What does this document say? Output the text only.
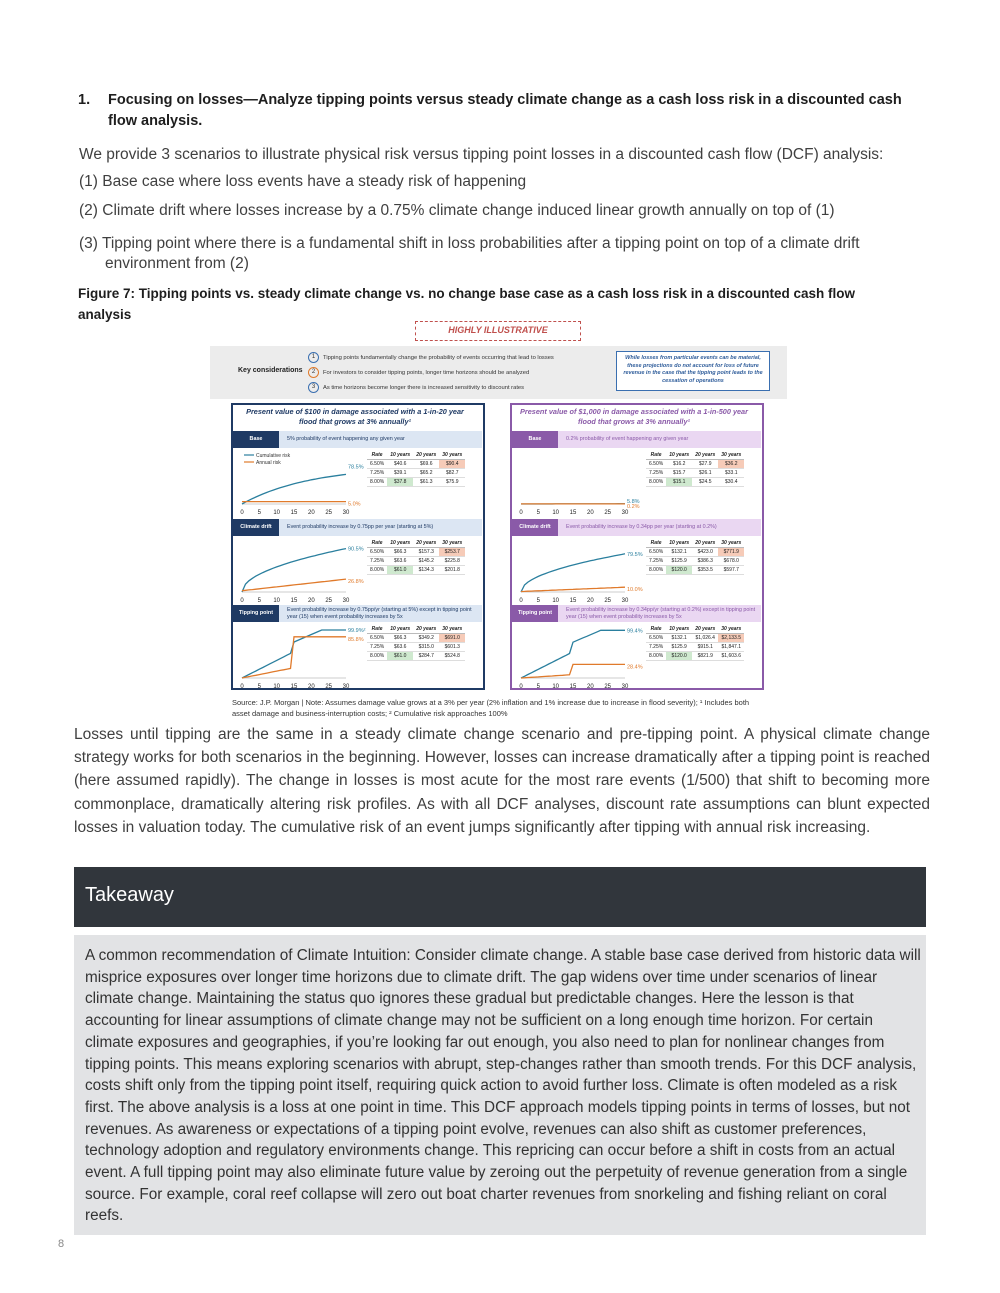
1. Focusing on losses—Analyze tipping points versus steady climate change as a cash loss risk in a discounted cash flow analysis.
We provide 3 scenarios to illustrate physical risk versus tipping point losses in a discounted cash flow (DCF) analysis:
(1) Base case where loss events have a steady risk of happening
(2) Climate drift where losses increase by a 0.75% climate change induced linear growth annually on top of (1)
(3) Tipping point where there is a fundamental shift in loss probabilities after a tipping point on top of a climate drift
environment from (2)
Figure 7: Tipping points vs. steady climate change vs. no change base case as a cash loss risk in a discounted cash flow analysis
HIGHLY ILLUSTRATIVE
Key considerations
1 Tipping points fundamentally change the probability of events occurring that lead to losses
2 For investors to consider tipping points, longer time horizons should be analyzed
3 As time horizons become longer there is increased sensitivity to discount rates
While losses from particular events can be material, these projections do not account for loss of future revenue in the case that the tipping point leads to the cessation of operations
Present value of $100 in damage associated with a 1-in-20 year flood that grows at 3% annually¹
Base	5% probability of event happening any given year
0 5 10 15 20 25 30
78.5%
5.0%
Cumulative risk
Annual risk
Rate	10 years	20 years	30 years
6.50%	$40.6	$69.6	$90.4
7.25%	$39.1	$65.2	$82.7
8.00%	$37.8	$61.3	$75.9
Climate drift	Event probability increase by 0.75pp per year (starting at 5%)
0 5 10 15 20 25 30
90.5%
26.8%
Rate	10 years	20 years	30 years
6.50%	$66.3	$157.3	$253.7
7.25%	$63.6	$145.2	$225.8
8.00%	$61.0	$134.3	$201.8
Tipping point
Event probability increase by 0.75pp/yr (starting at 5%) except in tipping point year (15) when event probability increases by 5x
0 5 10 15 20 25 30
99.9%²
85.8%
Rate	10 years	20 years	30 years
6.50%	$66.3	$349.2	$691.0
7.25%	$63.6	$315.0	$601.3
8.00%	$61.0	$284.7	$524.8
Present value of $1,000 in damage associated with a 1-in-500 year flood that grows at 3% annually¹
Base	0.2% probability of event happening any given year
0 5 10 15 20 25 30
5.8%
0.2%
Rate	10 years	20 years	30 years
6.50%	$16.2	$27.9	$36.2
7.25%	$15.7	$26.1	$33.1
8.00%	$15.1	$24.5	$30.4
Climate drift	Event probability increase by 0.34pp per year (starting at 0.2%)
0 5 10 15 20 25 30
79.5%
10.0%
Rate	10 years	20 years	30 years
6.50%	$132.1	$423.0	$771.9
7.25%	$125.9	$386.3	$678.0
8.00%	$120.0	$353.5	$597.7
Tipping point
Event probability increase by 0.34pp/yr (starting at 0.2%) except in tipping point year (15) when event probability increases by 5x
0 5 10 15 20 25 30
99.4%
28.4%
Rate	10 years	20 years	30 years
6.50%	$132.1	$1,026.4	$2,133.5
7.25%	$125.9	$915.1	$1,847.1
8.00%	$120.0	$821.9	$1,603.6
Source: J.P. Morgan | Note: Assumes damage value grows at a 3% per year (2% inflation and 1% increase due to increase in flood severity); ¹ Includes both asset damage and business-interruption costs; ² Cumulative risk approaches 100%
Losses until tipping are the same in a steady climate change scenario and pre-tipping point. A physical climate change strategy works for both scenarios in the beginning. However, losses can increase dramatically after a tipping point is reached (here assumed rapidly). The change in losses is most acute for the most rare events (1/500) that shift to becoming more commonplace, dramatically altering risk profiles. As with all DCF analyses, discount rate assumptions can blunt expected losses in valuation today. The cumulative risk of an event jumps significantly after tipping with annual risk increasing.
Takeaway

A common recommendation of Climate Intuition: Consider climate change. A stable base case derived from historic data will misprice exposures over longer time horizons due to climate drift. The gap widens over time under scenarios of linear climate change. Maintaining the status quo ignores these gradual but predictable changes. Here the lesson is that accounting for linear assumptions of climate change may not be sufficient on a long enough time horizon. For certain climate exposures and geographies, if you’re looking far out enough, you also need to plan for nonlinear changes from tipping points. This means exploring scenarios with abrupt, step-changes rather than smooth trends. For this DCF analysis, costs shift only from the tipping point itself, requiring quick action to avoid further loss. Climate is often modeled as a risk first. The above analysis is a loss at one point in time. This DCF approach models tipping points in terms of losses, but not revenues. As awareness or expectations of a tipping point evolve, revenues can also shift as customer preferences, technology adoption and regulatory environments change. This repricing can occur before a shift in costs from an actual event. A full tipping point may also eliminate future value by zeroing out the perpetuity of revenue generation from a single source. For example, coral reef collapse will zero out boat charter revenues from snorkeling and fishing reliant on coral reefs.

8
